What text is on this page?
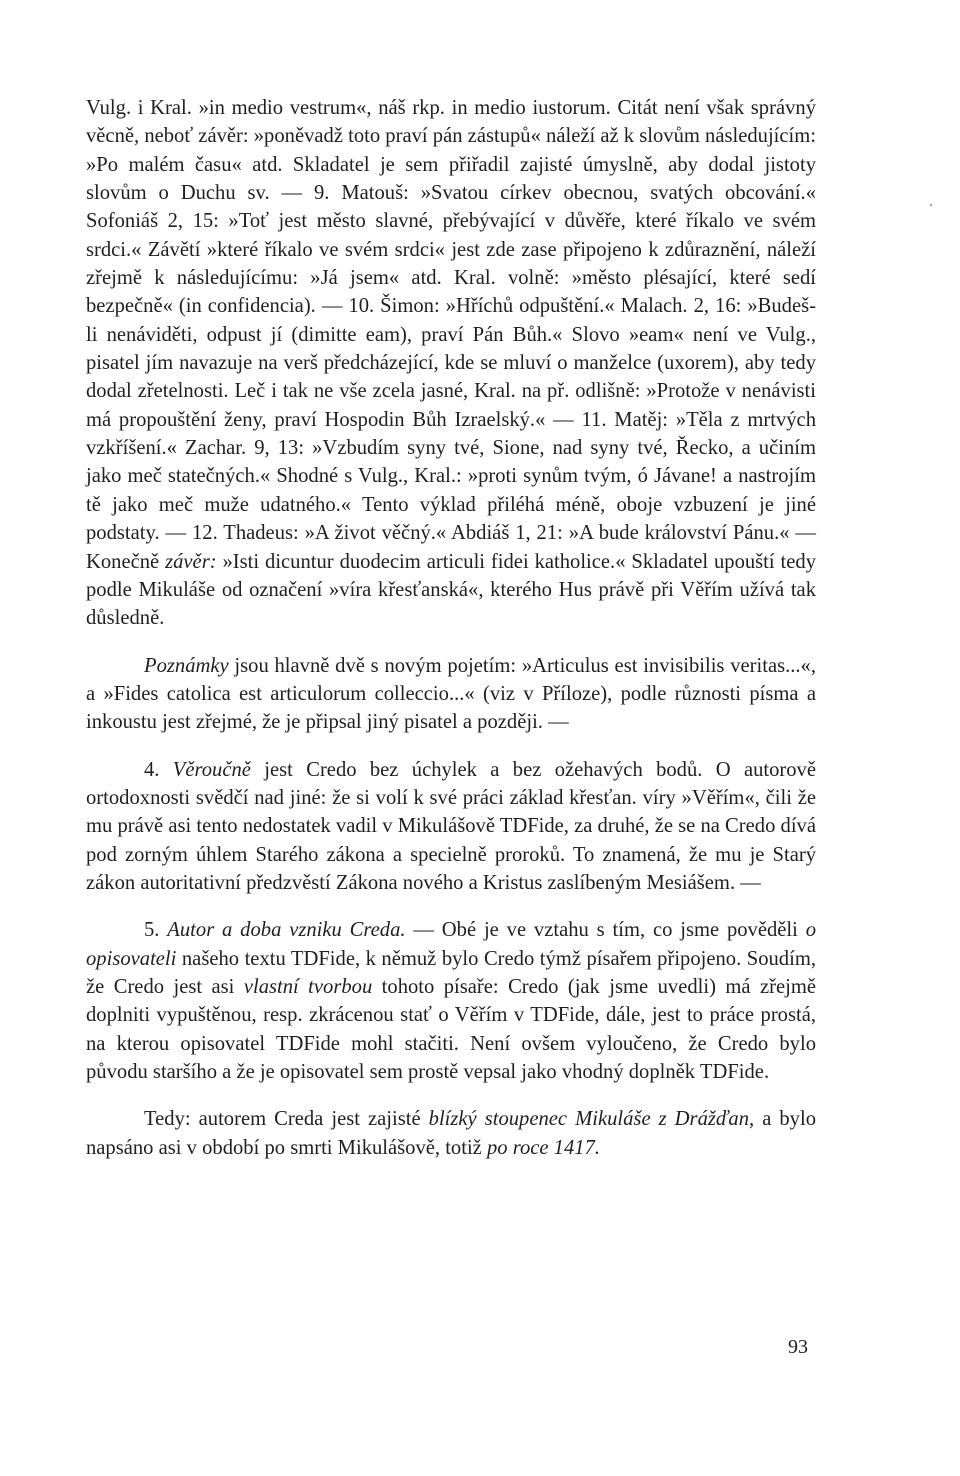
Vulg. i Kral. »in medio vestrum«, náš rkp. in medio iustorum. Citát není však správný věcně, neboť závěr: »poněvadž toto praví pán zástupů« náleží až k slovům následujícím: »Po malém času« atd. Skladatel je sem přiřadil zajisté úmyslně, aby dodal jistoty slovům o Duchu sv. — 9. Matouš: »Svatou církev obecnou, svatých obcování.« Sofoniáš 2, 15: »Toť jest město slavné, přebývající v důvěře, které říkalo ve svém srdci.« Závětí »které říkalo ve svém srdci« jest zde zase připojeno k zdůraznění, náleží zřejmě k následujícímu: »Já jsem« atd. Kral. volně: »město plésající, které sedí bezpečně« (in confidencia). — 10. Šimon: »Hříchů odpuštění.« Malach. 2, 16: »Budeš-li nenáviděti, odpust jí (dimitte eam), praví Pán Bůh.« Slovo »eam« není ve Vulg., pisatel jím navazuje na verš předcházející, kde se mluví o manželce (uxorem), aby tedy dodal zřetelnosti. Leč i tak ne vše zcela jasné, Kral. na př. odlišně: »Protože v nenávisti má propouštění ženy, praví Hospodin Bůh Izraelský.« — 11. Matěj: »Těla z mrtvých vzkříšení.« Zachar. 9, 13: »Vzbudím syny tvé, Sione, nad syny tvé, Řecko, a učiním jako meč statečných.« Shodné s Vulg., Kral.: »proti synům tvým, ó Jávane! a nastrojím tě jako meč muže udatného.« Tento výklad přiléhá méně, oboje vzbuzení je jiné podstaty. — 12. Thadeus: »A život věčný.« Abdiáš 1, 21: »A bude království Pánu.« — Konečně závěr: »Isti dicuntur duodecim articuli fidei katholice.« Skladatel upouští tedy podle Mikuláše od označení »víra křesťanská«, kterého Hus právě při Věřím užívá tak důsledně.

Poznámky jsou hlavně dvě s novým pojetím: »Articulus est invisibilis veritas...«, a »Fides catolica est articulorum colleccio...« (viz v Příloze), podle různosti písma a inkoustu jest zřejmé, že je připsal jiný pisatel a později. —

4. Věroučně jest Credo bez úchylek a bez ožehavých bodů. O autorově ortodoxnosti svědčí nad jiné: že si volí k své práci základ křesťan. víry »Věřím«, čili že mu právě asi tento nedostatek vadil v Mikulášově TDFide, za druhé, že se na Credo dívá pod zorným úhlem Starého zákona a specielně proroků. To znamená, že mu je Starý zákon autoritativní předzvěstí Zákona nového a Kristus zaslíbeným Mesiášem. —

5. Autor a doba vzniku Creda. — Obé je ve vztahu s tím, co jsme pověděli o opisovateli našeho textu TDFide, k němuž bylo Credo týmž písařem připojeno. Soudím, že Credo jest asi vlastní tvorbou tohoto písaře: Credo (jak jsme uvedli) má zřejmě doplniti vypuštěnou, resp. zkrácenou stať o Věřím v TDFide, dále, jest to práce prostá, na kterou opisovatel TDFide mohl stačiti. Není ovšem vyloučeno, že Credo bylo původu staršího a že je opisovatel sem prostě vepsal jako vhodný doplněk TDFide.

Tedy: autorem Creda jest zajisté blízký stoupenec Mikuláše z Drážďan, a bylo napsáno asi v období po smrti Mikulášově, totiž po roce 1417.

93
